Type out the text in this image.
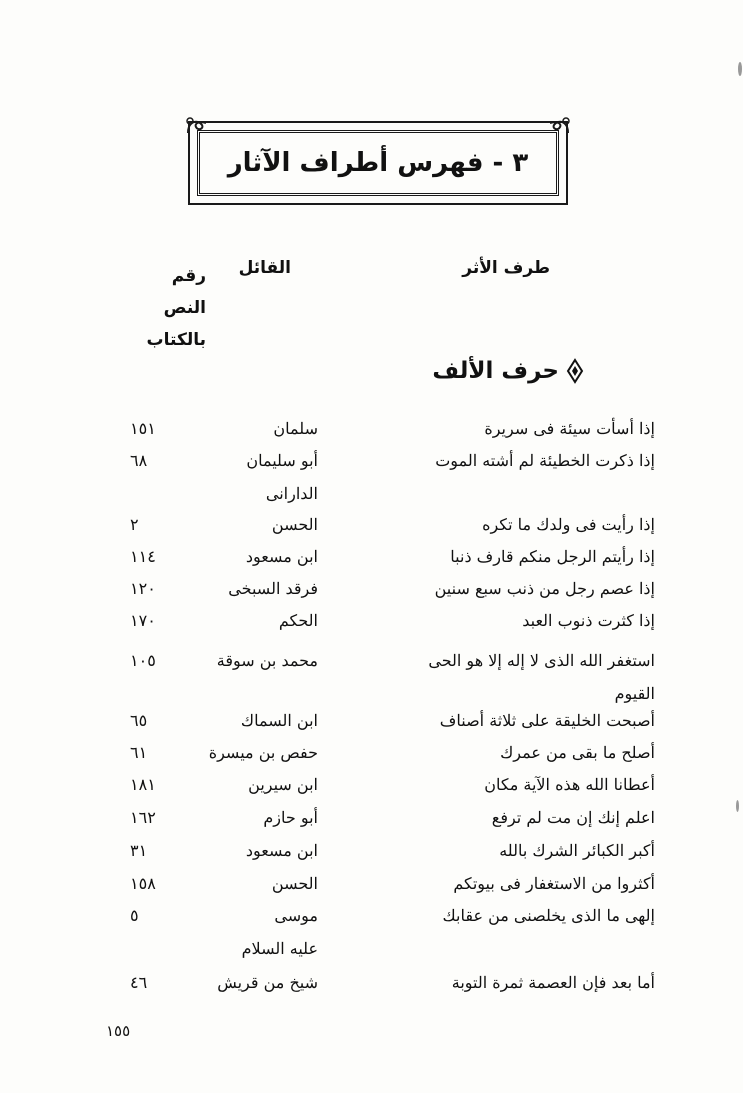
٣ - فهرس أطراف الآثار
طرف الأثر
القائل
رقم النص
بالكتاب
حرف الألف
إذا أسأت سيئة فى سريرة
سلمان
١٥١
إذا ذكرت الخطيئة لم أشته الموت
أبو سليمان
٦٨
الدارانى
إذا رأيت فى ولدك ما تكره
الحسن
٢
إذا رأيتم الرجل منكم قارف ذنبا
ابن مسعود
١١٤
إذا عصم رجل من ذنب سبع سنين
فرقد السبخى
١٢٠
إذا كثرت ذنوب العبد
الحكم
١٧٠
استغفر الله الذى لا إله إلا هو الحى
محمد بن سوقة
١٠٥
القيوم
أصبحت الخليقة على ثلاثة أصناف
ابن السماك
٦٥
أصلح ما بقى من عمرك
حفص بن ميسرة
٦١
أعطانا الله هذه الآية مكان
ابن سيرين
١٨١
اعلم إنك إن مت لم ترفع
أبو حازم
١٦٢
أكبر الكبائر الشرك بالله
ابن مسعود
٣١
أكثروا من الاستغفار فى بيوتكم
الحسن
١٥٨
إلهى ما الذى يخلصنى من عقابك
موسى
٥
عليه السلام
أما بعد فإن العصمة ثمرة التوبة
شيخ من قريش
٤٦
١٥٥
